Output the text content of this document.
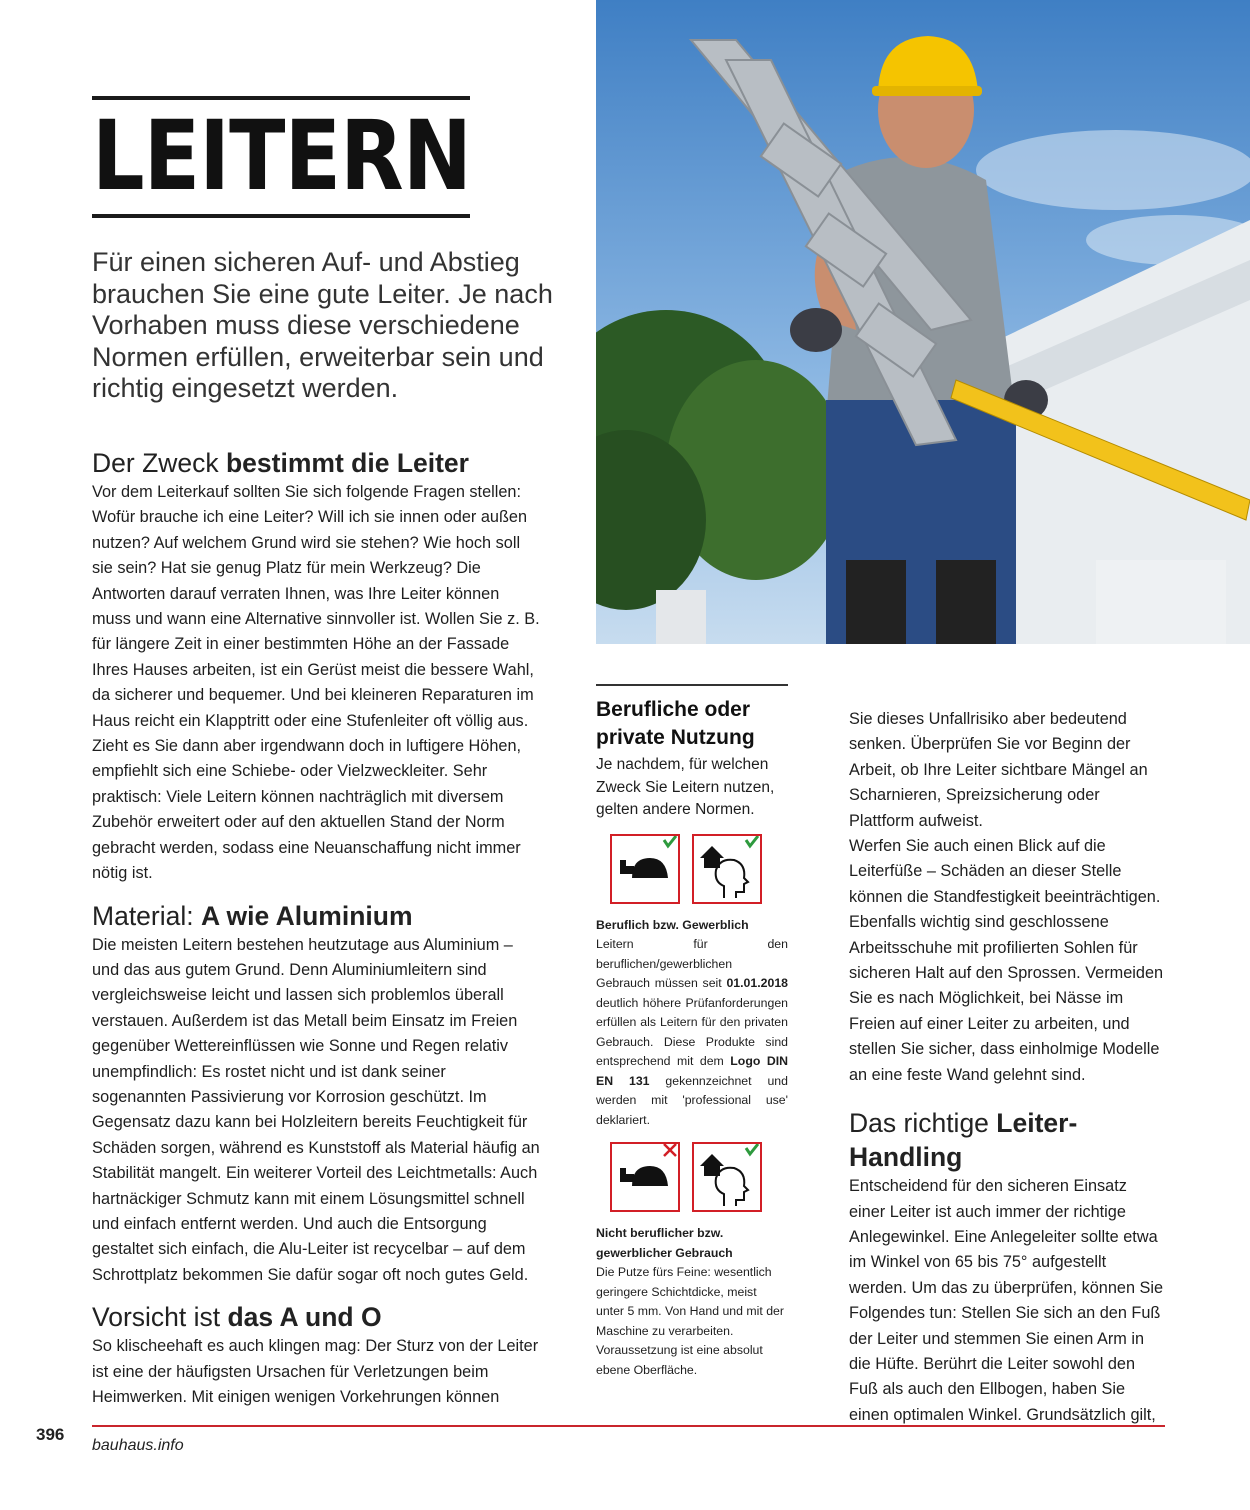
LEITERN
Für einen sicheren Auf- und Abstieg brauchen Sie eine gute Leiter. Je nach Vorhaben muss diese verschiedene Normen erfüllen, erweiterbar sein und richtig eingesetzt werden.
Der Zweck bestimmt die Leiter

Vor dem Leiterkauf sollten Sie sich folgende Fragen stellen: Wofür brauche ich eine Leiter? Will ich sie innen oder außen nutzen? Auf welchem Grund wird sie stehen? Wie hoch soll sie sein? Hat sie genug Platz für mein Werkzeug? Die Antworten darauf verraten Ihnen, was Ihre Leiter können muss und wann eine Alternative sinnvoller ist. Wollen Sie z. B. für längere Zeit in einer bestimmten Höhe an der Fassade Ihres Hauses arbeiten, ist ein Gerüst meist die bessere Wahl, da sicherer und bequemer. Und bei kleineren Reparaturen im Haus reicht ein Klapptritt oder eine Stufenleiter oft völlig aus.

Zieht es Sie dann aber irgendwann doch in luftigere Höhen, empfiehlt sich eine Schiebe- oder Vielzweckleiter. Sehr praktisch: Viele Leitern können nachträglich mit diversem Zubehör erweitert oder auf den aktuellen Stand der Norm gebracht werden, sodass eine Neuanschaffung nicht immer nötig ist.

Material: A wie Aluminium

Die meisten Leitern bestehen heutzutage aus Aluminium – und das aus gutem Grund. Denn Aluminiumleitern sind vergleichsweise leicht und lassen sich problemlos überall verstauen. Außerdem ist das Metall beim Einsatz im Freien gegenüber Wettereinflüssen wie Sonne und Regen relativ unempfindlich: Es rostet nicht und ist dank seiner sogenannten Passivierung vor Korrosion geschützt. Im Gegensatz dazu kann bei Holzleitern bereits Feuchtigkeit für Schäden sorgen, während es Kunststoff als Material häufig an Stabilität mangelt. Ein weiterer Vorteil des Leichtmetalls: Auch hartnäckiger Schmutz kann mit einem Lösungsmittel schnell und einfach entfernt werden. Und auch die Entsorgung gestaltet sich einfach, die Alu-Leiter ist recycelbar – auf dem Schrottplatz bekommen Sie dafür sogar oft noch gutes Geld.

Vorsicht ist das A und O

So klischeehaft es auch klingen mag: Der Sturz von der Leiter ist eine der häufigsten Ursachen für Verletzungen beim Heimwerken. Mit einigen wenigen Vorkehrungen können

Berufliche oder private Nutzung
Je nachdem, für welchen Zweck Sie Leitern nutzen, gelten andere Normen.
Beruflich bzw. Gewerblich
Leitern für den beruflichen/gewerblichen Gebrauch müssen seit 01.01.2018 deutlich höhere Prüfanforderungen erfüllen als Leitern für den privaten Gebrauch. Diese Produkte sind entsprechend mit dem Logo DIN EN 131 gekennzeichnet und werden mit 'professional use' deklariert.
Nicht beruflicher bzw. gewerblicher Gebrauch
Die Putze fürs Feine: wesentlich geringere Schichtdicke, meist unter 5 mm. Von Hand und mit der Maschine zu verarbeiten. Voraussetzung ist eine absolut ebene Oberfläche.

Sie dieses Unfallrisiko aber bedeutend senken. Überprüfen Sie vor Beginn der Arbeit, ob Ihre Leiter sichtbare Mängel an Scharnieren, Spreizsicherung oder Plattform aufweist.

Werfen Sie auch einen Blick auf die Leiterfüße – Schäden an dieser Stelle können die Standfestigkeit beeinträchtigen. Ebenfalls wichtig sind geschlossene Arbeitsschuhe mit profilierten Sohlen für sicheren Halt auf den Sprossen. Vermeiden Sie es nach Möglichkeit, bei Nässe im Freien auf einer Leiter zu arbeiten, und stellen Sie sicher, dass einholmige Modelle an eine feste Wand gelehnt sind.

Das richtige Leiter-Handling

Entscheidend für den sicheren Einsatz einer Leiter ist auch immer der richtige Anlegewinkel. Eine Anlegeleiter sollte etwa im Winkel von 65 bis 75° aufgestellt werden. Um das zu überprüfen, können Sie Folgendes tun: Stellen Sie sich an den Fuß der Leiter und stemmen Sie einen Arm in die Hüfte. Berührt die Leiter sowohl den Fuß als auch den Ellbogen, haben Sie einen optimalen Winkel. Grundsätzlich gilt,

396
bauhaus.info
